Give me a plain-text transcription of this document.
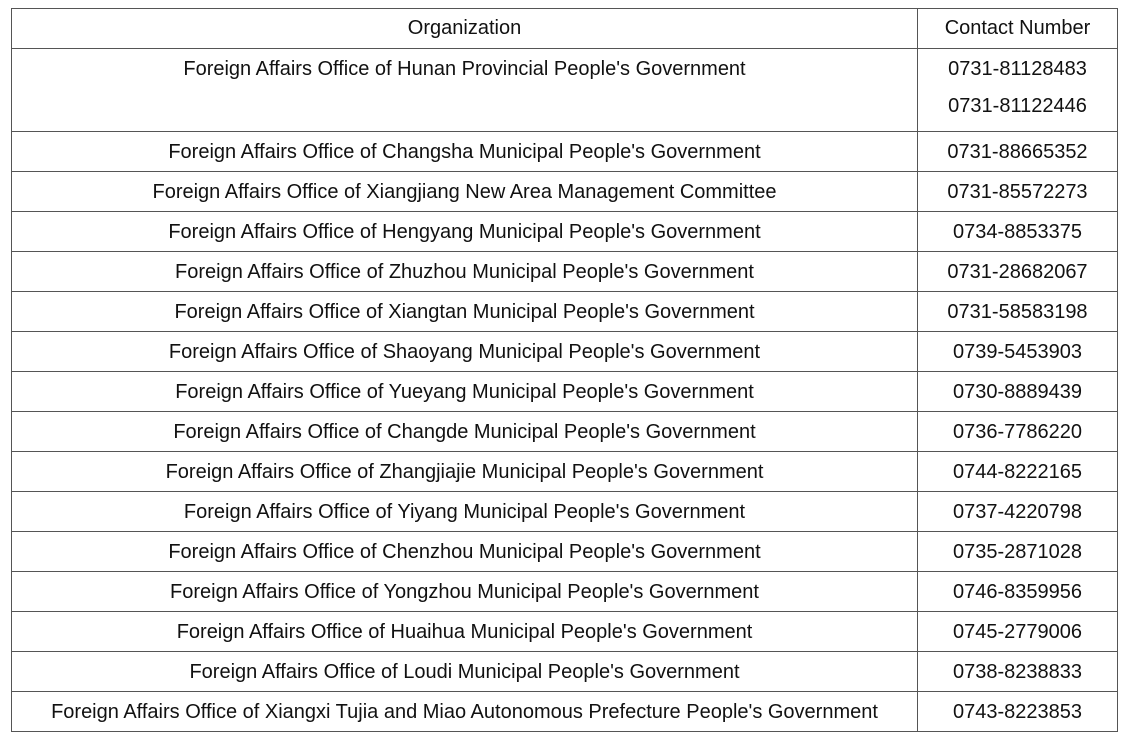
Organization	Contact Number
Foreign Affairs Office of Hunan Provincial People's Government	0731-81128483
0731-81122446

Foreign Affairs Office of Changsha Municipal People's Government	0731-88665352
Foreign Affairs Office of Xiangjiang New Area Management Committee	0731-85572273
Foreign Affairs Office of Hengyang Municipal People's Government	0734-8853375
Foreign Affairs Office of Zhuzhou Municipal People's Government	0731-28682067
Foreign Affairs Office of Xiangtan Municipal People's Government	0731-58583198
Foreign Affairs Office of Shaoyang Municipal People's Government	0739-5453903
Foreign Affairs Office of Yueyang Municipal People's Government	0730-8889439
Foreign Affairs Office of Changde Municipal People's Government	0736-7786220
Foreign Affairs Office of Zhangjiajie Municipal People's Government	0744-8222165
Foreign Affairs Office of Yiyang Municipal People's Government	0737-4220798
Foreign Affairs Office of Chenzhou Municipal People's Government	0735-2871028
Foreign Affairs Office of Yongzhou Municipal People's Government	0746-8359956
Foreign Affairs Office of Huaihua Municipal People's Government	0745-2779006
Foreign Affairs Office of Loudi Municipal People's Government	0738-8238833
Foreign Affairs Office of Xiangxi Tujia and Miao Autonomous Prefecture People's Government	0743-8223853
